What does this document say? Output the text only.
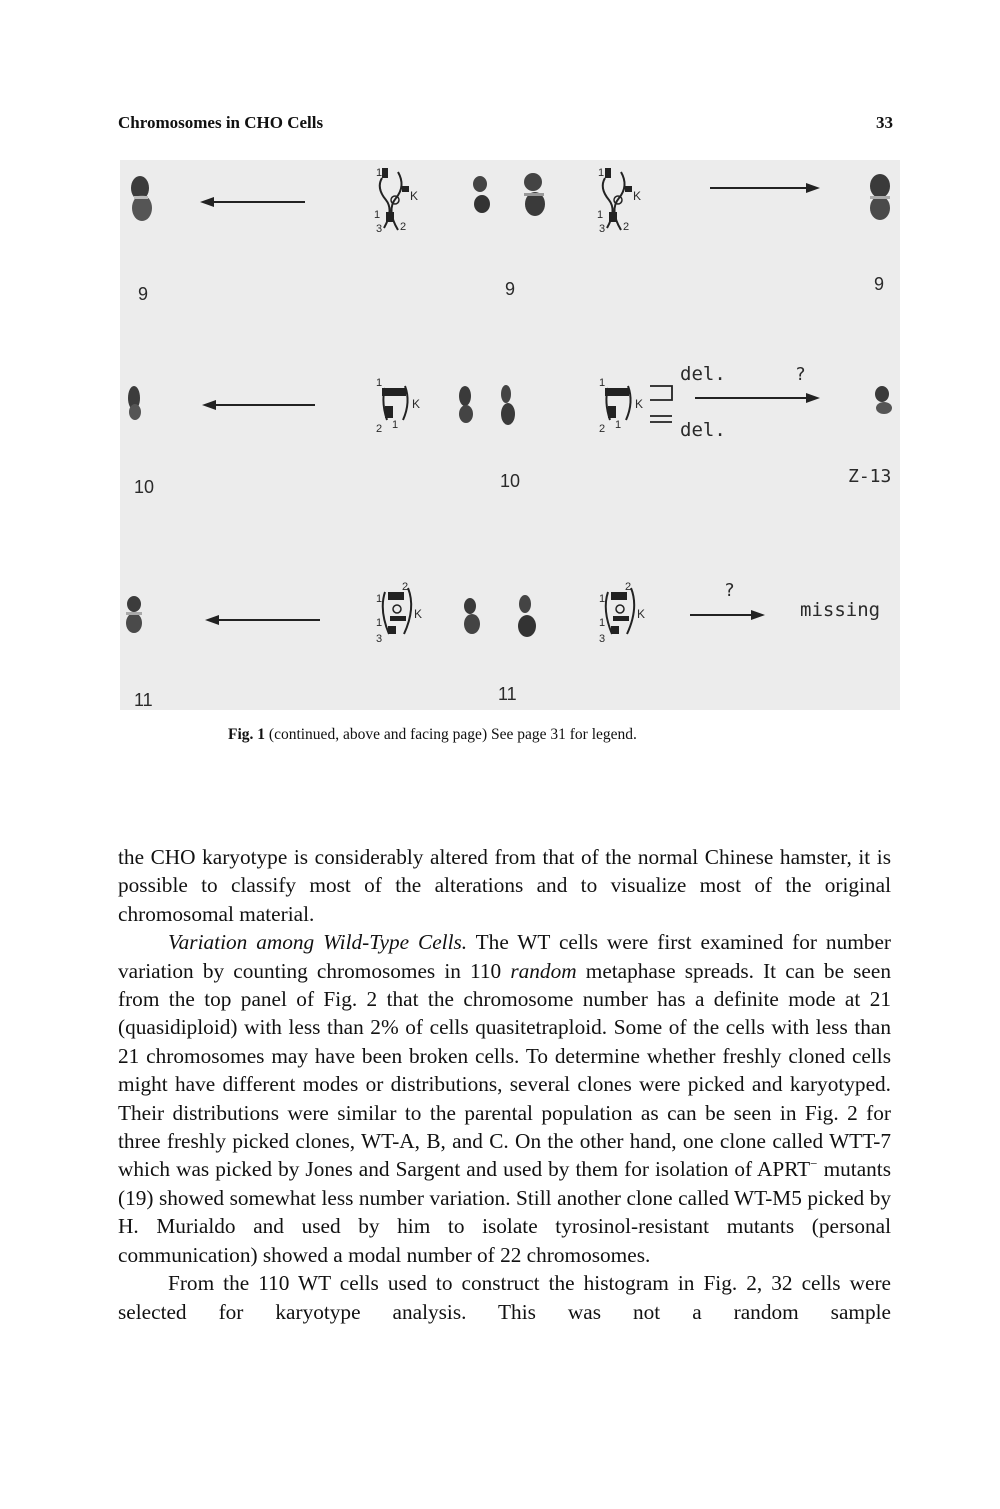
Chromosomes in CHO Cells	33
1
K
1
3 2
1
K
1
3 2
9	9	9
1
K
2 1
1
K
2 1
del.
del.
?
10	10	Z-13
1
2
K
1
3
1
2
K
1
3
?
missing
11	11
Fig. 1 (continued, above and facing page) See page 31 for legend.

the CHO karyotype is considerably altered from that of the normal Chinese hamster, it is possible to classify most of the alterations and to visualize most of the original chromosomal material.

Variation among Wild-Type Cells. The WT cells were first examined for number variation by counting chromosomes in 110 random metaphase spreads. It can be seen from the top panel of Fig. 2 that the chromosome number has a definite mode at 21 (quasidiploid) with less than 2% of cells quasitetraploid. Some of the cells with less than 21 chromosomes may have been broken cells. To determine whether freshly cloned cells might have different modes or distributions, several clones were picked and karyotyped. Their distributions were similar to the parental population as can be seen in Fig. 2 for three freshly picked clones, WT-A, B, and C. On the other hand, one clone called WTT-7 which was picked by Jones and Sargent and used by them for isolation of APRT− mutants (19) showed somewhat less number variation. Still another clone called WT-M5 picked by H. Murialdo and used by him to isolate tyrosinol-resistant mutants (personal communication) showed a modal number of 22 chromosomes.

From the 110 WT cells used to construct the histogram in Fig. 2, 32 cells were selected for karyotype analysis. This was not a random sample
